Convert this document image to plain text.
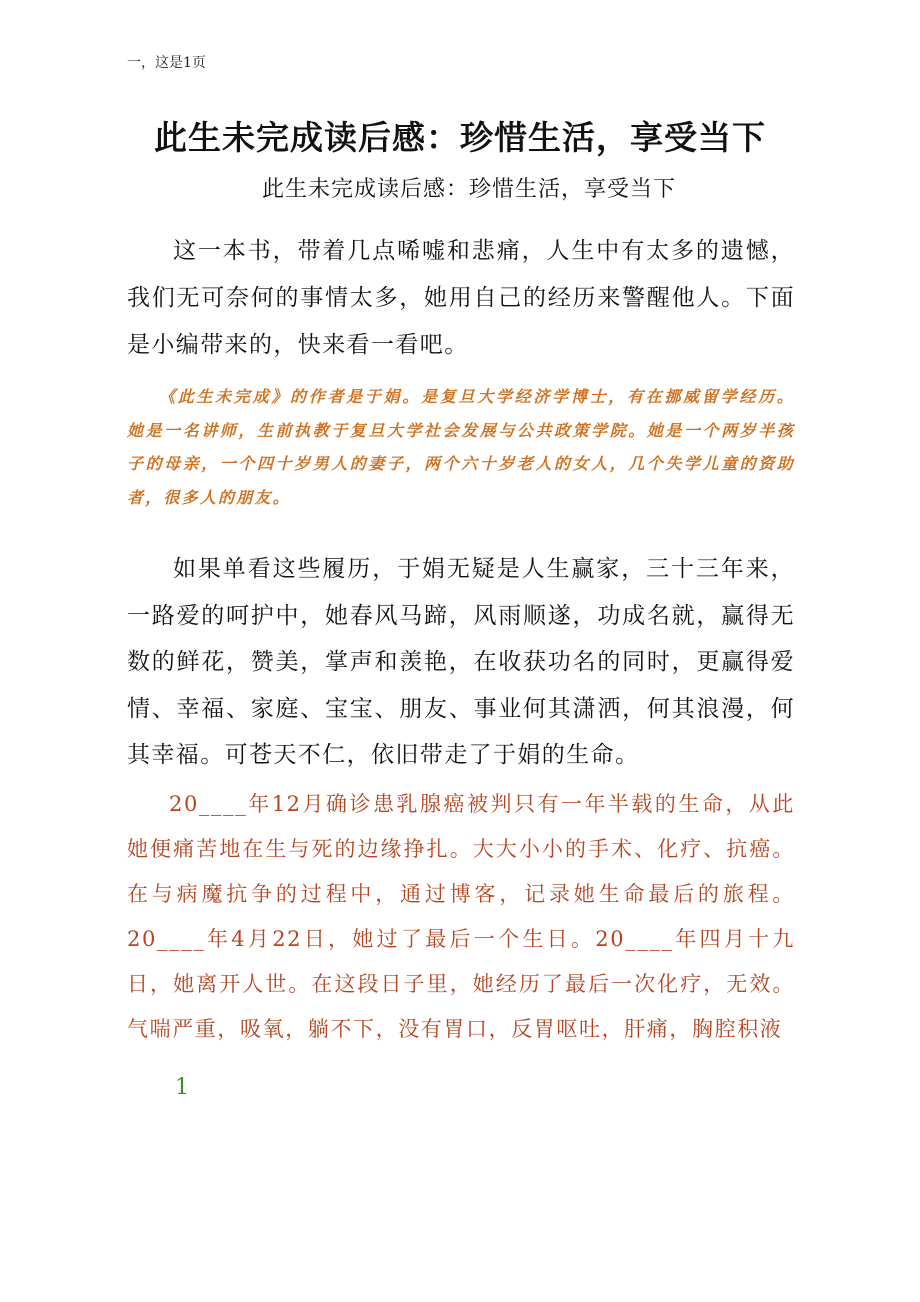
一，这是1页
此生未完成读后感：珍惜生活，享受当下
此生未完成读后感：珍惜生活，享受当下

这一本书，带着几点唏嘘和悲痛，人生中有太多的遗憾，我们无可奈何的事情太多，她用自己的经历来警醒他人。下面是小编带来的，快来看一看吧。

《此生未完成》的作者是于娟。是复旦大学经济学博士，有在挪威留学经历。她是一名讲师，生前执教于复旦大学社会发展与公共政策学院。她是一个两岁半孩子的母亲，一个四十岁男人的妻子，两个六十岁老人的女人，几个失学儿童的资助者，很多人的朋友。

如果单看这些履历，于娟无疑是人生赢家，三十三年来，一路爱的呵护中，她春风马蹄，风雨顺遂，功成名就，赢得无数的鲜花，赞美，掌声和羡艳，在收获功名的同时，更赢得爱情、幸福、家庭、宝宝、朋友、事业何其潇洒，何其浪漫，何其幸福。可苍天不仁，依旧带走了于娟的生命。

20____年12月确诊患乳腺癌被判只有一年半载的生命，从此她便痛苦地在生与死的边缘挣扎。大大小小的手术、化疗、抗癌。在与病魔抗争的过程中，通过博客，记录她生命最后的旅程。20____年4月22日，她过了最后一个生日。20____年四月十九日，她离开人世。在这段日子里，她经历了最后一次化疗，无效。气喘严重，吸氧，躺不下，没有胃口，反胃呕吐，肝痛，胸腔积液

1
